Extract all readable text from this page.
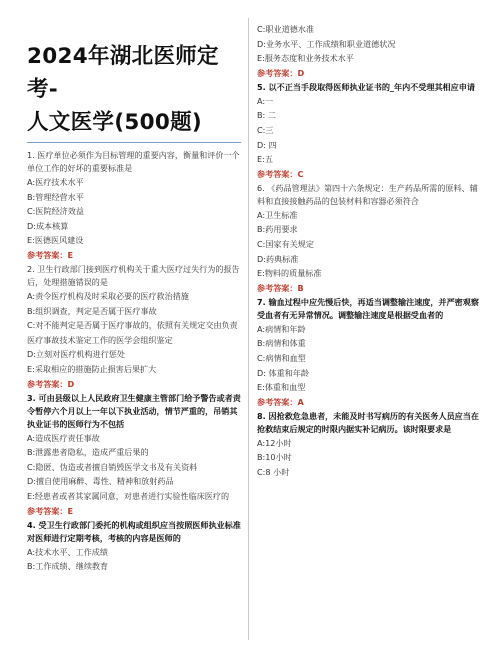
2024年湖北医师定考-
人文医学(500题)
1. 医疗单位必须作为目标管理的重要内容，衡量和评价一个单位工作的好坏的重要标准是
A:医疗技术水平
B:管理经营水平
C:医院经济效益
D:成本核算
E:医德医风建设
参考答案：E
2. 卫生行政部门接到医疗机构关于重大医疗过失行为的报告后，处理措施错误的是
A:责令医疗机构及时采取必要的医疗救治措施
B:组织调查，判定是否属于医疗事故
C:对不能判定是否属于医疗事故的，依照有关规定交由负责医疗事故技术鉴定工作的医学会组织鉴定
D:立刻对医疗机构进行惩处
E:采取相应的措施防止损害后果扩大
参考答案：D
3. 可由县级以上人民政府卫生健康主管部门给予警告或者责令暂停六个月以上一年以下执业活动，情节严重的，吊销其执业证书的医师行为不包括
A:造成医疗责任事故
B:泄露患者隐私，造成严重后果的
C:隐匿、伪造或者擅自销毁医学文书及有关资料
D:擅自使用麻醉、毒性、精神和放射药品
E:经患者或者其家属同意，对患者进行实验性临床医疗的
参考答案：E
4. 受卫生行政部门委托的机构或组织应当按照医师执业标准对医师进行定期考核，考核的内容是医师的
A:技术水平、工作成绩
B:工作成绩、继续教育
C:职业道德水准
D:业务水平、工作成绩和职业道德状况
E:服务态度和业务技术水平
参考答案：D
5. 以不正当手段取得医师执业证书的_年内不受理其相应申请
A:一
B: 二
C:三
D: 四
E:五
参考答案：C
6. 《药品管理法》第四十六条规定：生产药品所需的原料、辅料和直接接触药品的包装材料和容器必须符合
A:卫生标准
B:药用要求
C:国家有关规定
D:药典标准
E:物料的质量标准
参考答案：B
7. 输血过程中应先慢后快，再适当调整输注速度，并严密观察受血者有无异常情况。调整输注速度是根据受血者的
A:病情和年龄
B:病情和体重
C:病情和血型
D: 体重和年龄
E:体重和血型
参考答案：A
8. 因抢救危急患者，未能及时书写病历的有关医务人员应当在抢救结束后规定的时限内据实补记病历。该时限要求是
A:12小时
B:10小时
C:8 小时
